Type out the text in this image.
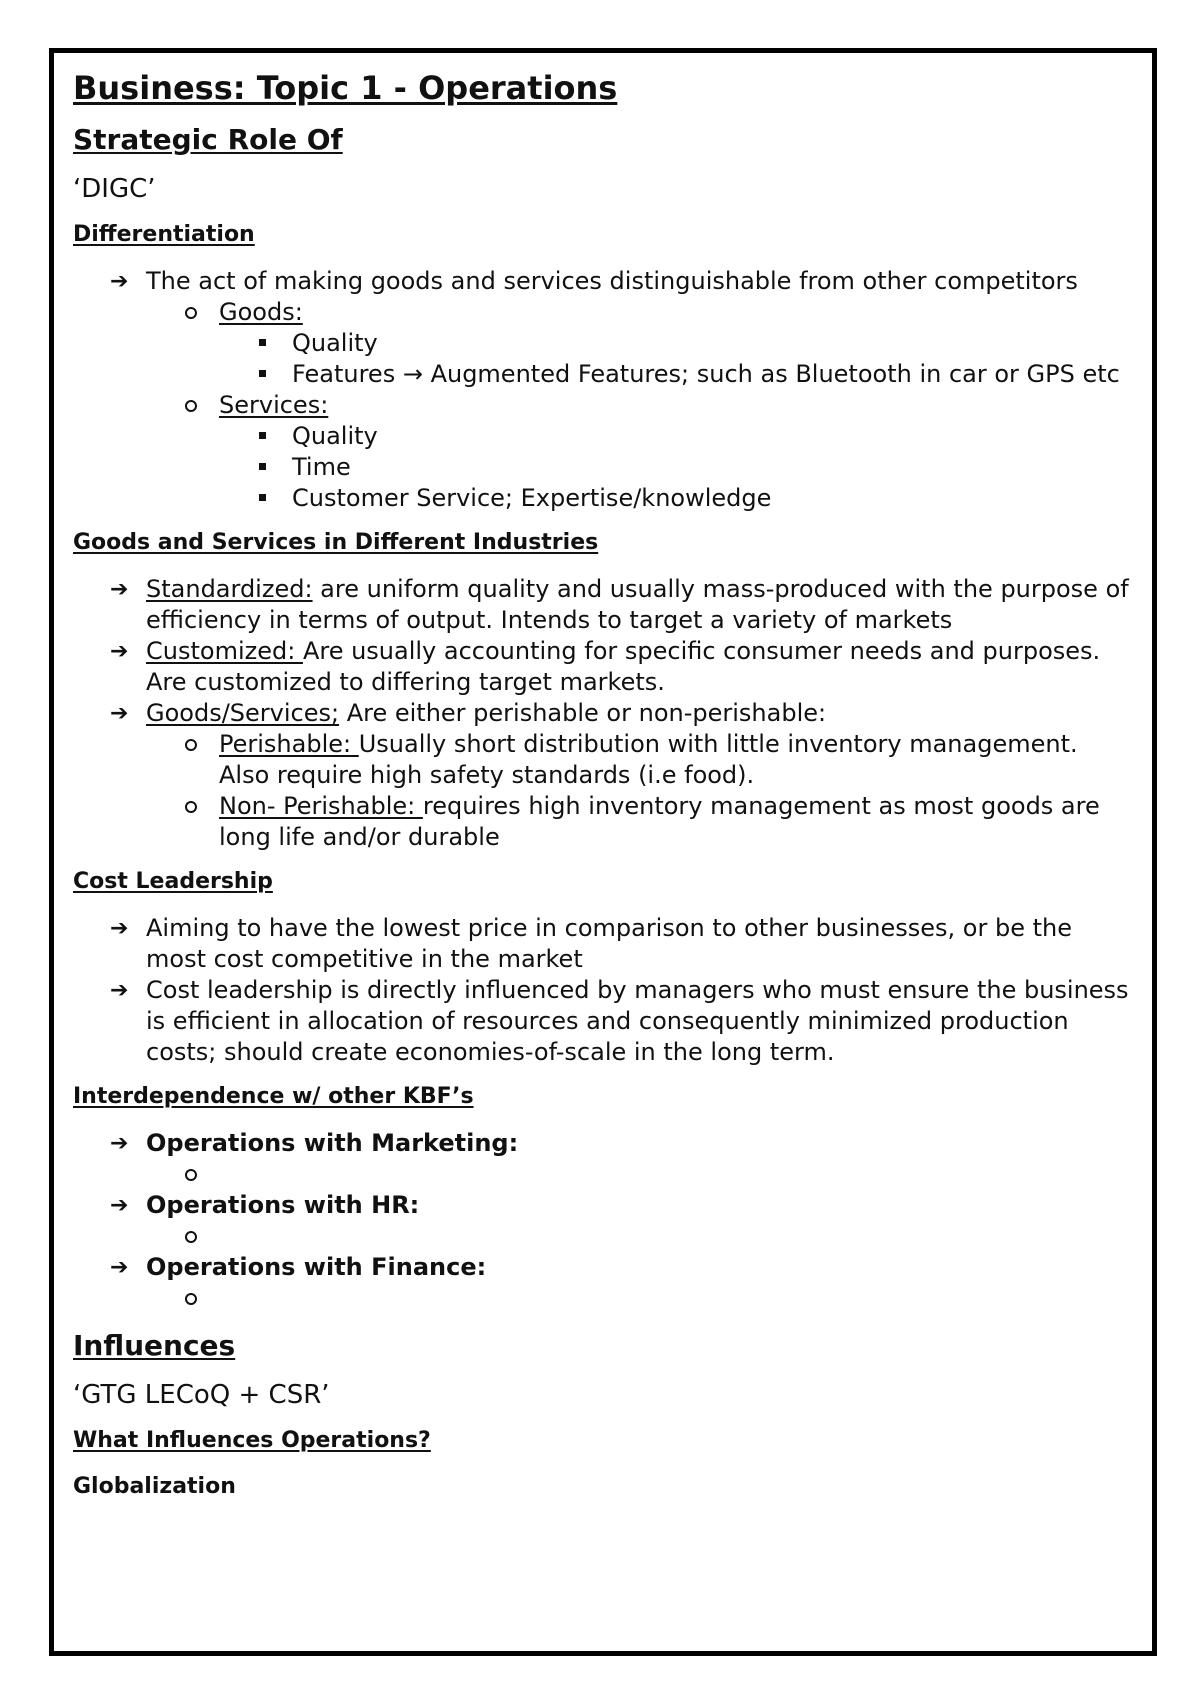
Business: Topic 1 - Operations
Strategic Role Of
‘DIGC’
Differentiation
➔ The act of making goods and services distinguishable from other competitors
Goods:
Quality
Features → Augmented Features; such as Bluetooth in car or GPS etc
Services:
Quality
Time
Customer Service; Expertise/knowledge
Goods and Services in Different Industries
➔ Standardized: are uniform quality and usually mass-produced with the purpose of efficiency in terms of output. Intends to target a variety of markets
➔ Customized: Are usually accounting for specific consumer needs and purposes. Are customized to differing target markets.
➔ Goods/Services; Are either perishable or non-perishable:
Perishable: Usually short distribution with little inventory management. Also require high safety standards (i.e food).
Non- Perishable: requires high inventory management as most goods are long life and/or durable
Cost Leadership
➔ Aiming to have the lowest price in comparison to other businesses, or be the most cost competitive in the market
➔ Cost leadership is directly influenced by managers who must ensure the business is efficient in allocation of resources and consequently minimized production costs; should create economies-of-scale in the long term.
Interdependence w/ other KBF’s
➔ Operations with Marketing:
➔ Operations with HR:
➔ Operations with Finance:
Influences
‘GTG LECoQ + CSR’
What Influences Operations?
Globalization
